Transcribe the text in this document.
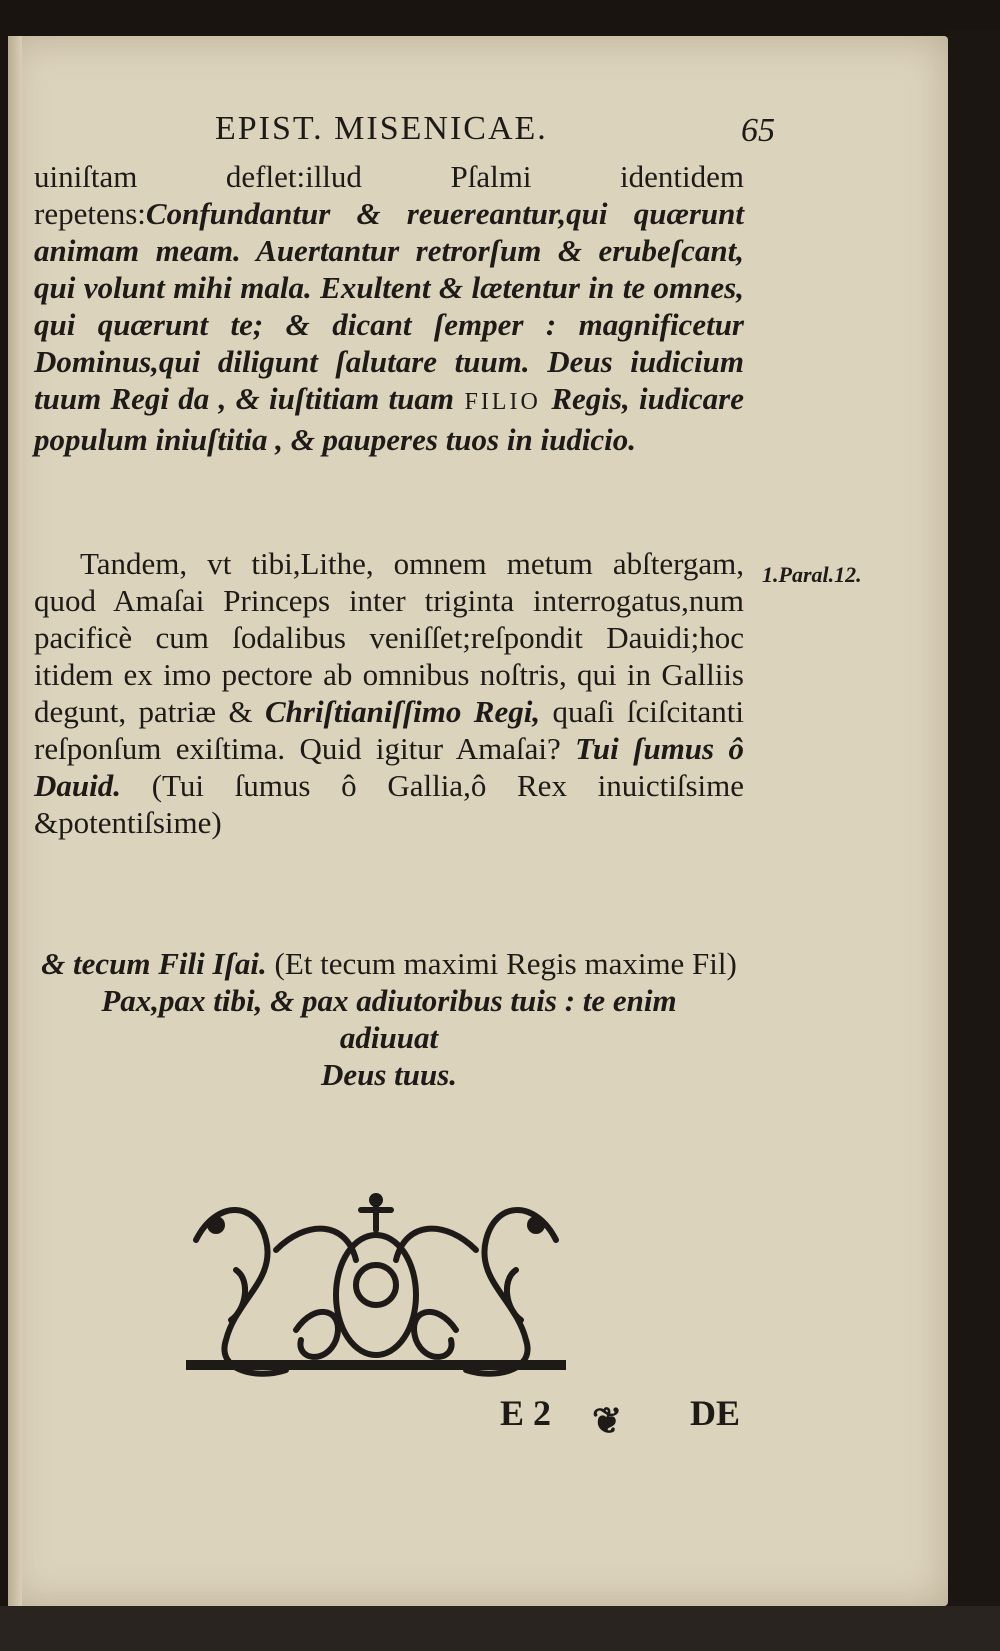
EPIST. MISENICAE.	65
uiniſtam deflet:illud Pſalmi identidem repetens:Confundantur & reuereantur,qui quærunt animam meam. Auertantur retrorſum & erubeſcant, qui volunt mihi mala. Exultent & lætentur in te omnes, qui quærunt te; & dicant ſemper : magnificetur Dominus,qui diligunt ſalutare tuum. Deus iudicium tuum Regi da , & iuſtitiam tuam FILIO Regis, iudicare populum iniuſtitia , & pauperes tuos in iudicio.
1.Paral.12.
Tandem, vt tibi,Lithe, omnem metum abſtergam, quod Amaſai Princeps inter triginta interrogatus,num pacificè cum ſodalibus veniſſet;reſpondit Dauidi;hoc itidem ex imo pectore ab omnibus noſtris, qui in Galliis degunt, patriæ & Chriſtianiſſimo Regi, quaſi ſciſcitanti reſponſum exiſtima. Quid igitur Amaſai? Tui ſumus ô Dauid. (Tui ſumus ô Gallia,ô Rex inuictiſsime &potentiſsime)
& tecum Fili Iſai. (Et tecum maximi Regis maxime Fil)
Pax,pax tibi, & pax adiutoribus tuis : te enim adiuuat
Deus tuus.
E 2 ❦ DE
